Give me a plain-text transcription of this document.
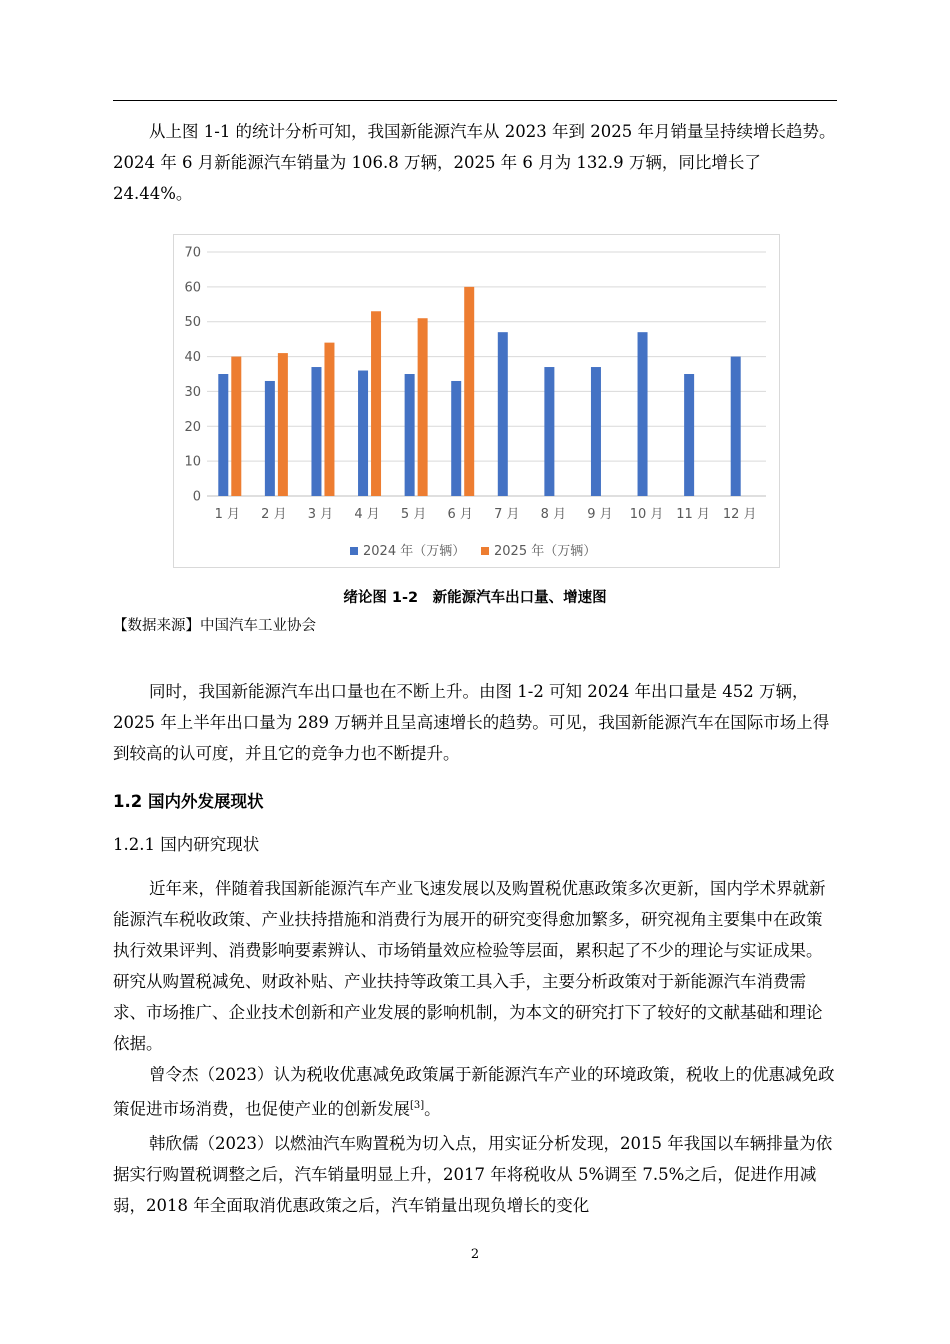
从上图 1-1 的统计分析可知，我国新能源汽车从 2023 年到 2025 年月销量呈持续增长趋势。2024 年 6 月新能源汽车销量为 106.8 万辆，2025 年 6 月为 132.9 万辆，同比增长了 24.44%。

0
10
20
30
40
50
60
70
1 月 2 月 3 月 4 月 5 月 6 月 7 月 8 月 9 月 10 月 11 月 12 月
2024 年（万辆） 2025 年（万辆）
绪论图 1-2　新能源汽车出口量、增速图
【数据来源】中国汽车工业协会

同时，我国新能源汽车出口量也在不断上升。由图 1-2 可知 2024 年出口量是 452 万辆，2025 年上半年出口量为 289 万辆并且呈高速增长的趋势。可见，我国新能源汽车在国际市场上得到较高的认可度，并且它的竞争力也不断提升。

1.2 国内外发展现状
1.2.1 国内研究现状

近年来，伴随着我国新能源汽车产业飞速发展以及购置税优惠政策多次更新，国内学术界就新能源汽车税收政策、产业扶持措施和消费行为展开的研究变得愈加繁多，研究视角主要集中在政策执行效果评判、消费影响要素辨认、市场销量效应检验等层面，累积起了不少的理论与实证成果。研究从购置税减免、财政补贴、产业扶持等政策工具入手，主要分析政策对于新能源汽车消费需求、市场推广、企业技术创新和产业发展的影响机制，为本文的研究打下了较好的文献基础和理论依据。

曾令杰（2023）认为税收优惠减免政策属于新能源汽车产业的环境政策，税收上的优惠减免政策促进市场消费，也促使产业的创新发展[3]。

韩欣儒（2023）以燃油汽车购置税为切入点，用实证分析发现，2015 年我国以车辆排量为依据实行购置税调整之后，汽车销量明显上升，2017 年将税收从 5%调至 7.5%之后，促进作用减弱，2018 年全面取消优惠政策之后，汽车销量出现负增长的变化

2
